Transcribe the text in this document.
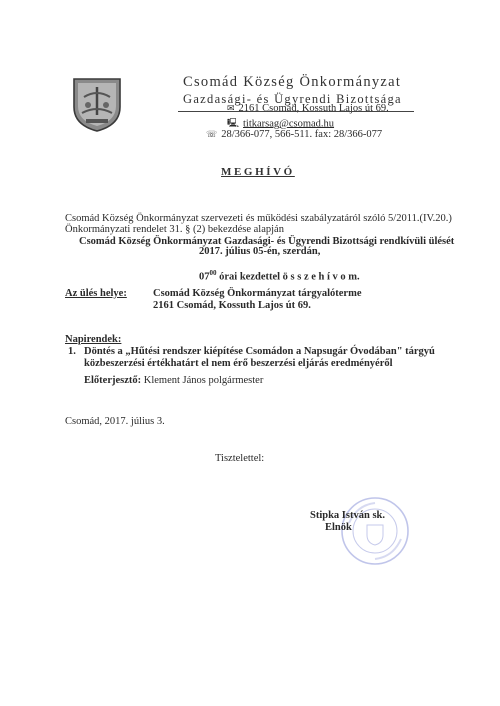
Csomád Község Önkormányzat
Gazdasági- és Ügyrendi Bizottsága
✉ 2161 Csomád, Kossuth Lajos út 69.
🖳 titkarsag@csomad.hu
☏ 28/366-077, 566-511. fax: 28/366-077
MEGHÍVÓ
Csomád Község Önkormányzat szervezeti és működési szabályzatáról szóló 5/2011.(IV.20.)
Önkormányzati rendelet 31. § (2) bekezdése alapján
Csomád Község Önkormányzat Gazdasági- és Ügyrendi Bizottsági rendkívüli ülését
2017. július 05-én, szerdán,
$07^{00}$ órai kezdettel ö s s z e h í v o m.
Az ülés helye: Csomád Község Önkormányzat tárgyalóterme
2161 Csomád, Kossuth Lajos út 69.
Napirendek:
1. Döntés a „Hűtési rendszer kiépítése Csomádon a Napsugár Óvodában" tárgyú
közbeszerzési értékhatárt el nem érő beszerzési eljárás eredményéről
Előterjesztő: Klement János polgármester
Csomád, 2017. július 3.
Tisztelettel:
Stipka István sk.
Elnök
